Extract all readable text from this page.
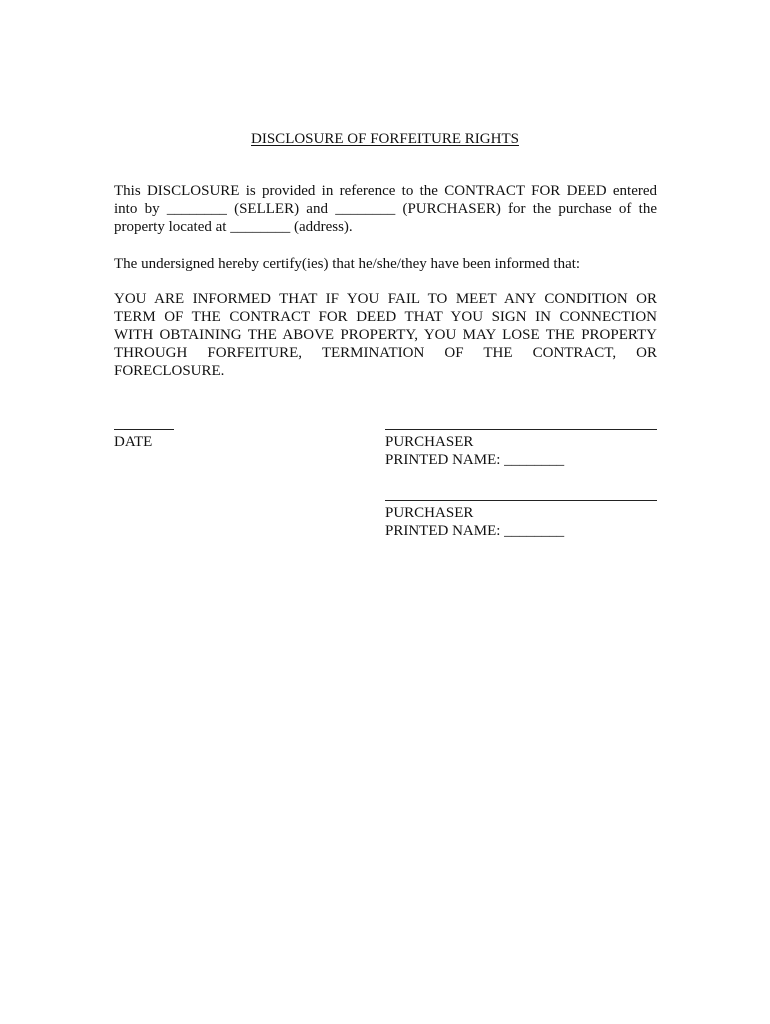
DISCLOSURE OF FORFEITURE RIGHTS
This DISCLOSURE is provided in reference to the CONTRACT FOR DEED entered
into by ________ (SELLER) and ________ (PURCHASER) for the purchase of the
property located at ________ (address).
The undersigned hereby certify(ies) that he/she/they have been informed that:
YOU ARE INFORMED THAT IF YOU FAIL TO MEET ANY CONDITION OR
TERM OF THE CONTRACT FOR DEED THAT YOU SIGN IN CONNECTION
WITH OBTAINING THE ABOVE PROPERTY, YOU MAY LOSE THE PROPERTY
THROUGH FORFEITURE, TERMINATION OF THE CONTRACT, OR
FORECLOSURE.
DATE	PURCHASER
PRINTED NAME: ________
PURCHASER
PRINTED NAME: ________
